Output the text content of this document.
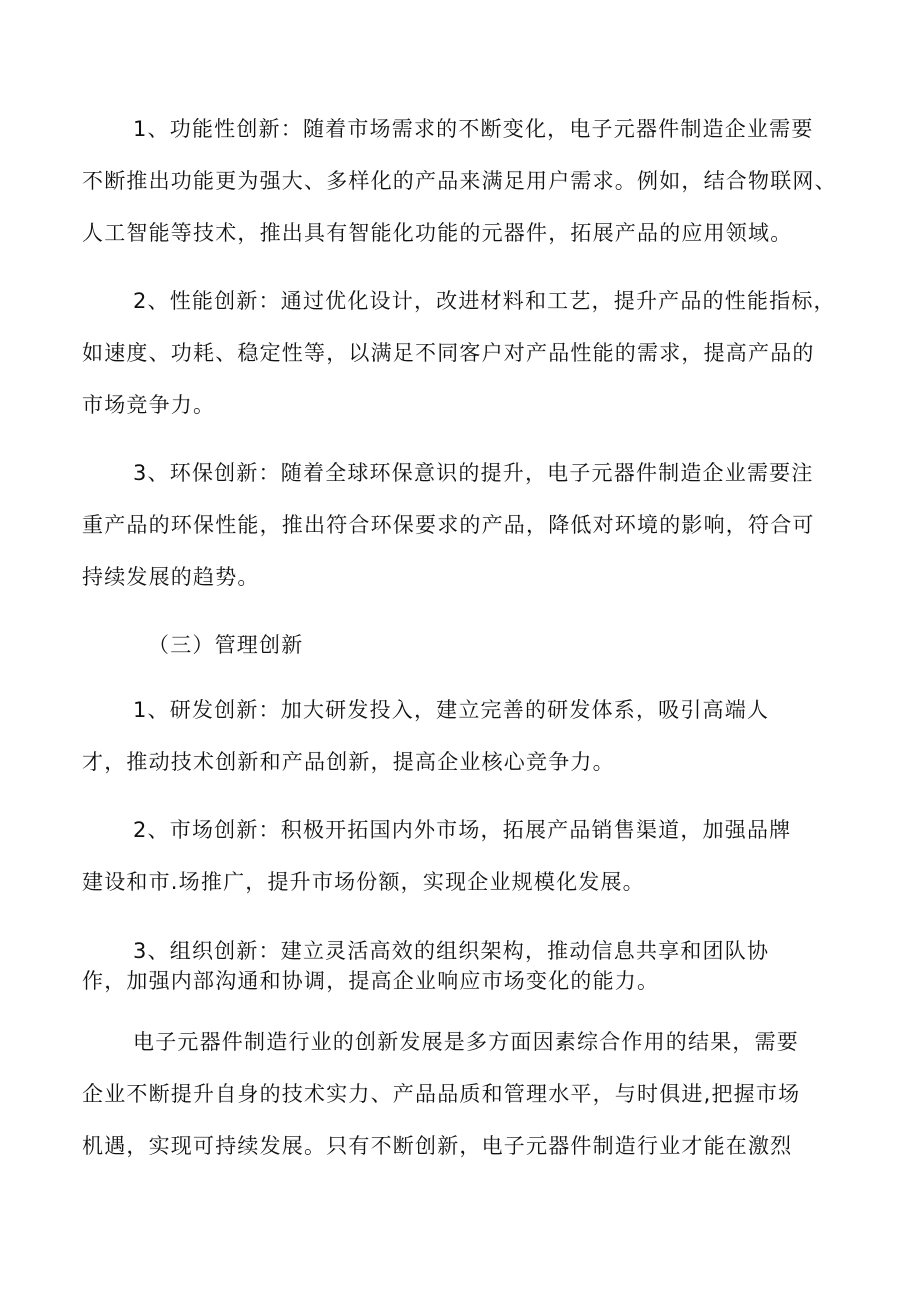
1、功能性创新：随着市场需求的不断变化，电子元器件制造企业需要
不断推出功能更为强大、多样化的产品来满足用户需求。例如，结合物联网、
人工智能等技术，推出具有智能化功能的元器件，拓展产品的应用领域。
2、性能创新：通过优化设计，改进材料和工艺，提升产品的性能指标，
如速度、功耗、稳定性等，以满足不同客户对产品性能的需求，提高产品的
市场竞争力。
3、环保创新：随着全球环保意识的提升，电子元器件制造企业需要注
重产品的环保性能，推出符合环保要求的产品，降低对环境的影响，符合可
持续发展的趋势。
（三）管理创新
1、研发创新：加大研发投入，建立完善的研发体系，吸引高端人
才，推动技术创新和产品创新，提高企业核心竞争力。
2、市场创新：积极开拓国内外市场，拓展产品销售渠道，加强品牌
建设和市.场推广，提升市场份额，实现企业规模化发展。
3、组织创新：建立灵活高效的组织架构，推动信息共享和团队协
作，加强内部沟通和协调，提高企业响应市场变化的能力。
电子元器件制造行业的创新发展是多方面因素综合作用的结果，需要
企业不断提升自身的技术实力、产品品质和管理水平，与时俱进,把握市场
机遇，实现可持续发展。只有不断创新，电子元器件制造行业才能在激烈
